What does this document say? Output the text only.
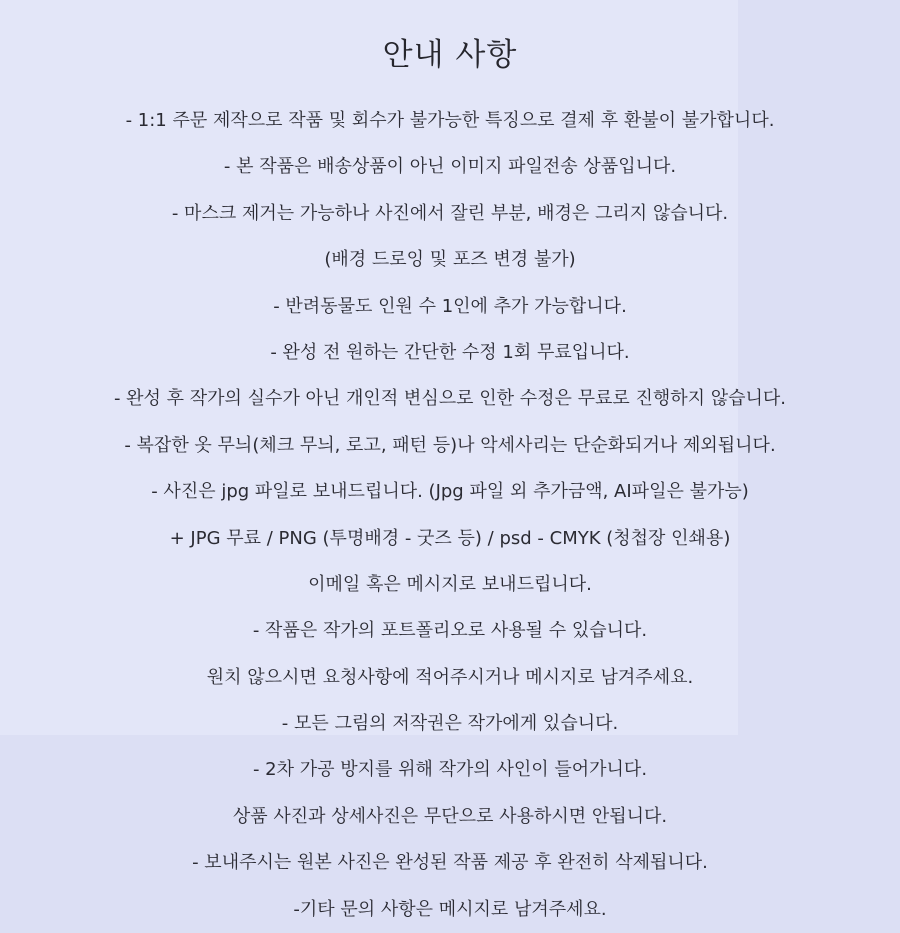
안내 사항
- 1:1 주문 제작으로 작품 및 회수가 불가능한 특징으로 결제 후 환불이 불가합니다.
- 본 작품은 배송상품이 아닌 이미지 파일전송 상품입니다.
- 마스크 제거는 가능하나 사진에서 잘린 부분, 배경은 그리지 않습니다.
(배경 드로잉 및 포즈 변경 불가)
- 반려동물도 인원 수 1인에 추가 가능합니다.
- 완성 전 원하는 간단한 수정 1회 무료입니다.
- 완성 후 작가의 실수가 아닌 개인적 변심으로 인한 수정은 무료로 진행하지 않습니다.
- 복잡한 옷 무늬(체크 무늬, 로고, 패턴 등)나 악세사리는 단순화되거나 제외됩니다.
- 사진은 jpg 파일로 보내드립니다. (Jpg 파일 외 추가금액, AI파일은 불가능)
+ JPG 무료 / PNG (투명배경 - 굿즈 등) / psd - CMYK (청첩장 인쇄용)
이메일 혹은 메시지로 보내드립니다.
- 작품은 작가의 포트폴리오로 사용될 수 있습니다.
원치 않으시면 요청사항에 적어주시거나 메시지로 남겨주세요.
- 모든 그림의 저작권은 작가에게 있습니다.
- 2차 가공 방지를 위해 작가의 사인이 들어가니다.
상품 사진과 상세사진은 무단으로 사용하시면 안됩니다.
- 보내주시는 원본 사진은 완성된 작품 제공 후 완전히 삭제됩니다.
-기타 문의 사항은 메시지로 남겨주세요.
